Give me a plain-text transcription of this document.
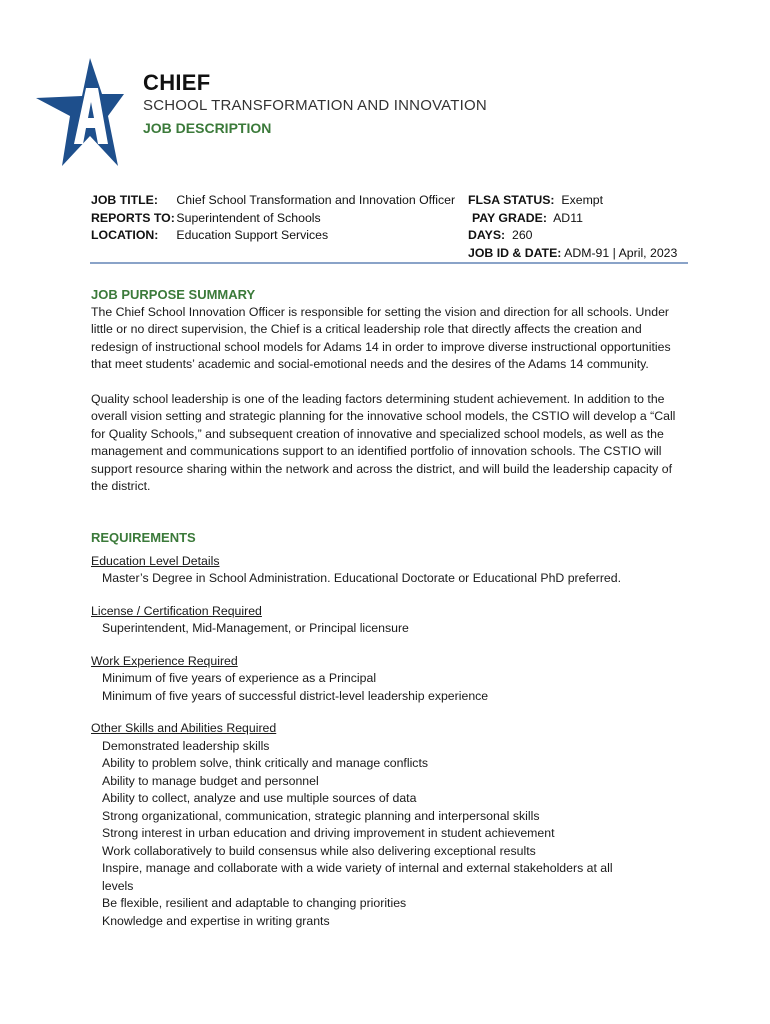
CHIEF
SCHOOL TRANSFORMATION AND INNOVATION
JOB DESCRIPTION
JOB TITLE: Chief School Transformation and Innovation Officer
REPORTS TO: Superintendent of Schools
LOCATION: Education Support Services
FLSA STATUS: Exempt
PAY GRADE: AD11
DAYS: 260
JOB ID & DATE: ADM-91 | April, 2023
JOB PURPOSE SUMMARY

The Chief School Innovation Officer is responsible for setting the vision and direction for all schools. Under little or no direct supervision, the Chief is a critical leadership role that directly affects the creation and redesign of instructional school models for Adams 14 in order to improve diverse instructional opportunities that meet students’ academic and social-emotional needs and the desires of the Adams 14 community.

Quality school leadership is one of the leading factors determining student achievement. In addition to the overall vision setting and strategic planning for the innovative school models, the CSTIO will develop a “Call for Quality Schools,” and subsequent creation of innovative and specialized school models, as well as the management and communications support to an identified portfolio of innovation schools. The CSTIO will support resource sharing within the network and across the district, and will build the leadership capacity of the district.

REQUIREMENTS
Education Level Details
Master’s Degree in School Administration. Educational Doctorate or Educational PhD preferred.
License / Certification Required
Superintendent, Mid-Management, or Principal licensure
Work Experience Required
Minimum of five years of experience as a Principal
Minimum of five years of successful district-level leadership experience
Other Skills and Abilities Required
Demonstrated leadership skills
Ability to problem solve, think critically and manage conflicts
Ability to manage budget and personnel
Ability to collect, analyze and use multiple sources of data
Strong organizational, communication, strategic planning and interpersonal skills
Strong interest in urban education and driving improvement in student achievement
Work collaboratively to build consensus while also delivering exceptional results
Inspire, manage and collaborate with a wide variety of internal and external stakeholders at all levels
Be flexible, resilient and adaptable to changing priorities
Knowledge and expertise in writing grants
